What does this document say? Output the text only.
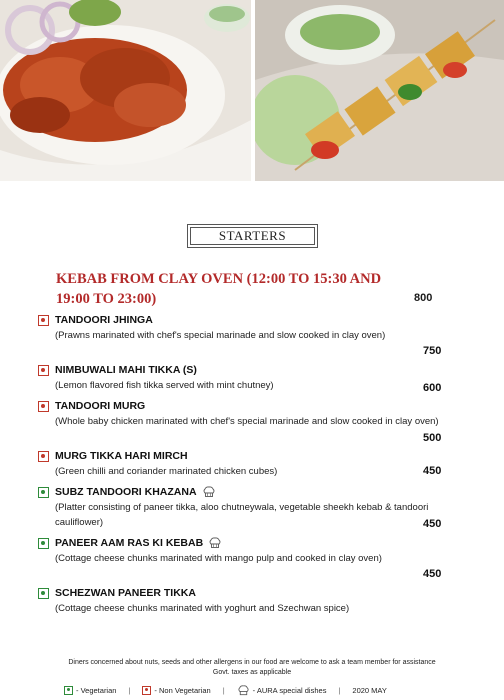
STARTERS
KEBAB FROM CLAY OVEN (12:00 TO 15:30 AND 19:00 TO 23:00)	800
TANDOORI JHINGA
(Prawns marinated with chef's special marinade and slow cooked in clay oven)
750
NIMBUWALI MAHI TIKKA (S)
(Lemon flavored fish tikka served with mint chutney)	600
TANDOORI MURG
(Whole baby chicken marinated with chef's special marinade and slow cooked in clay oven)
500
MURG TIKKA HARI MIRCH
(Green chilli and coriander marinated chicken cubes)	450
SUBZ TANDOORI KHAZANA
(Platter consisting of paneer tikka, aloo chutneywala, vegetable sheekh kebab & tandoori cauliflower)	450
PANEER AAM RAS KI KEBAB
(Cottage cheese chunks marinated with mango pulp and cooked in clay oven)
450
SCHEZWAN PANEER TIKKA
(Cottage cheese chunks marinated with yoghurt and Szechwan spice)
Diners concerned about nuts, seeds and other allergens in our food are welcome to ask a team member for assistance
Govt. taxes as applicable
- Vegetarian |	- Non Vegetarian |	- AURA special dishes | 2020 MAY
